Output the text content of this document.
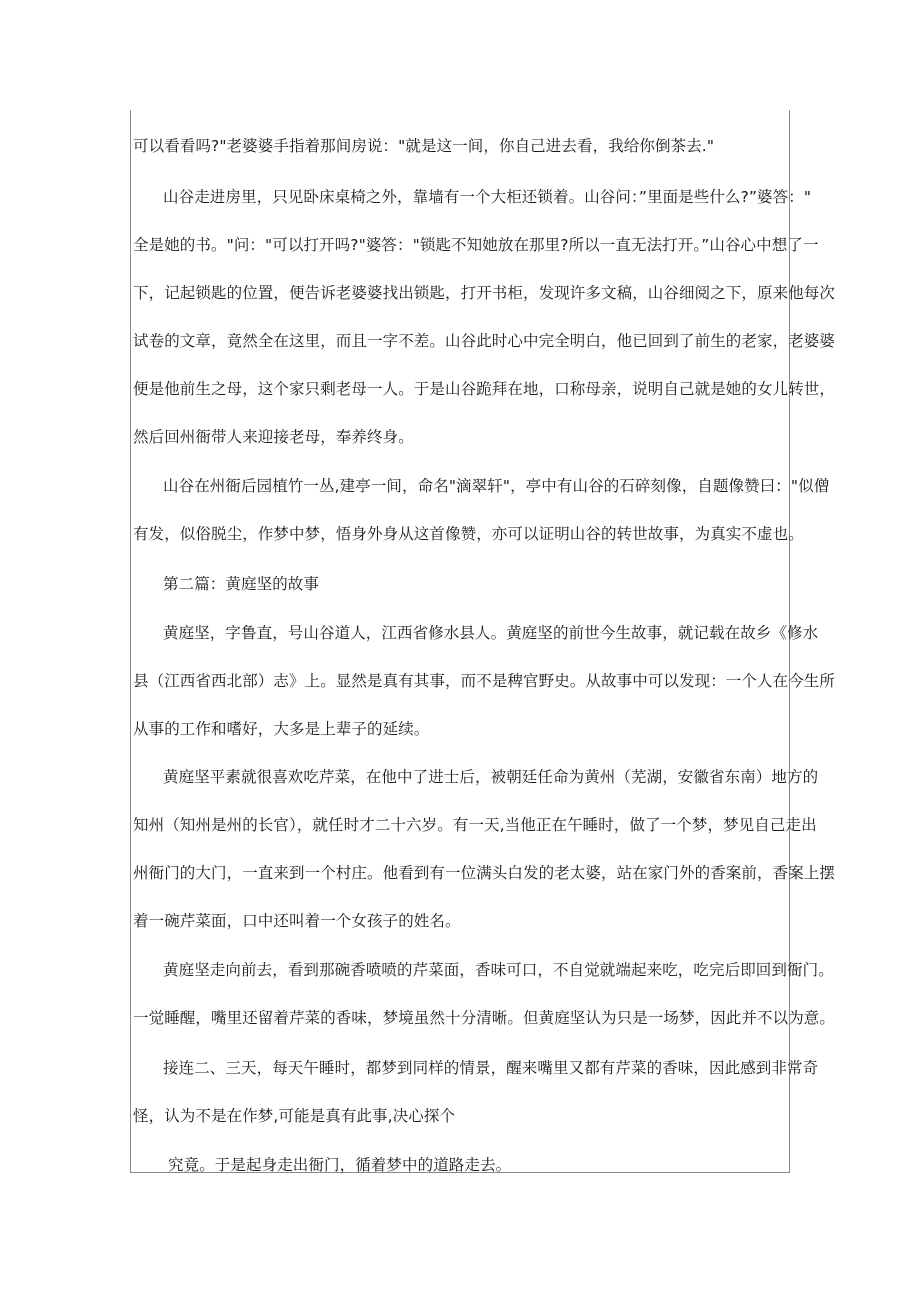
可以看看吗?"老婆婆手指着那间房说："就是这一间，你自己进去看，我给你倒茶去."
山谷走进房里，只见卧床桌椅之外，靠墙有一个大柜还锁着。山谷问：”里面是些什么?”婆答："
全是她的书。"问："可以打开吗?"婆答："锁匙不知她放在那里?所以一直无法打开。”山谷心中想了一
下，记起锁匙的位置，便告诉老婆婆找出锁匙，打开书柜，发现许多文稿，山谷细阅之下，原来他每次
试卷的文章，竟然全在这里，而且一字不差。山谷此时心中完全明白，他已回到了前生的老家，老婆婆
便是他前生之母，这个家只剩老母一人。于是山谷跪拜在地，口称母亲，说明自己就是她的女儿转世，
然后回州衙带人来迎接老母，奉养终身。
山谷在州衙后园植竹一丛,建亭一间，命名"滴翠轩"，亭中有山谷的石碎刻像，自题像赞曰："似僧
有发，似俗脱尘，作梦中梦，悟身外身从这首像赞，亦可以证明山谷的转世故事，为真实不虚也。
第二篇：黄庭坚的故事
黄庭坚，字鲁直，号山谷道人，江西省修水县人。黄庭坚的前世今生故事，就记载在故乡《修水
县（江西省西北部）志》上。显然是真有其事，而不是稗官野史。从故事中可以发现：一个人在今生所
从事的工作和嗜好，大多是上辈子的延续。
黄庭坚平素就很喜欢吃芹菜，在他中了进士后，被朝廷任命为黄州（芜湖，安徽省东南）地方的
知州（知州是州的长官），就任时才二十六岁。有一天,当他正在午睡时，做了一个梦，梦见自己走出
州衙门的大门，一直来到一个村庄。他看到有一位满头白发的老太婆，站在家门外的香案前，香案上摆
着一碗芹菜面，口中还叫着一个女孩子的姓名。
黄庭坚走向前去，看到那碗香喷喷的芹菜面，香味可口，不自觉就端起来吃，吃完后即回到衙门。
一觉睡醒，嘴里还留着芹菜的香味，梦境虽然十分清晰。但黄庭坚认为只是一场梦，因此并不以为意。
接连二、三天，每天午睡时，都梦到同样的情景，醒来嘴里又都有芹菜的香味，因此感到非常奇
怪，认为不是在作梦,可能是真有此事,决心探个
究竟。于是起身走出衙门，循着梦中的道路走去。
